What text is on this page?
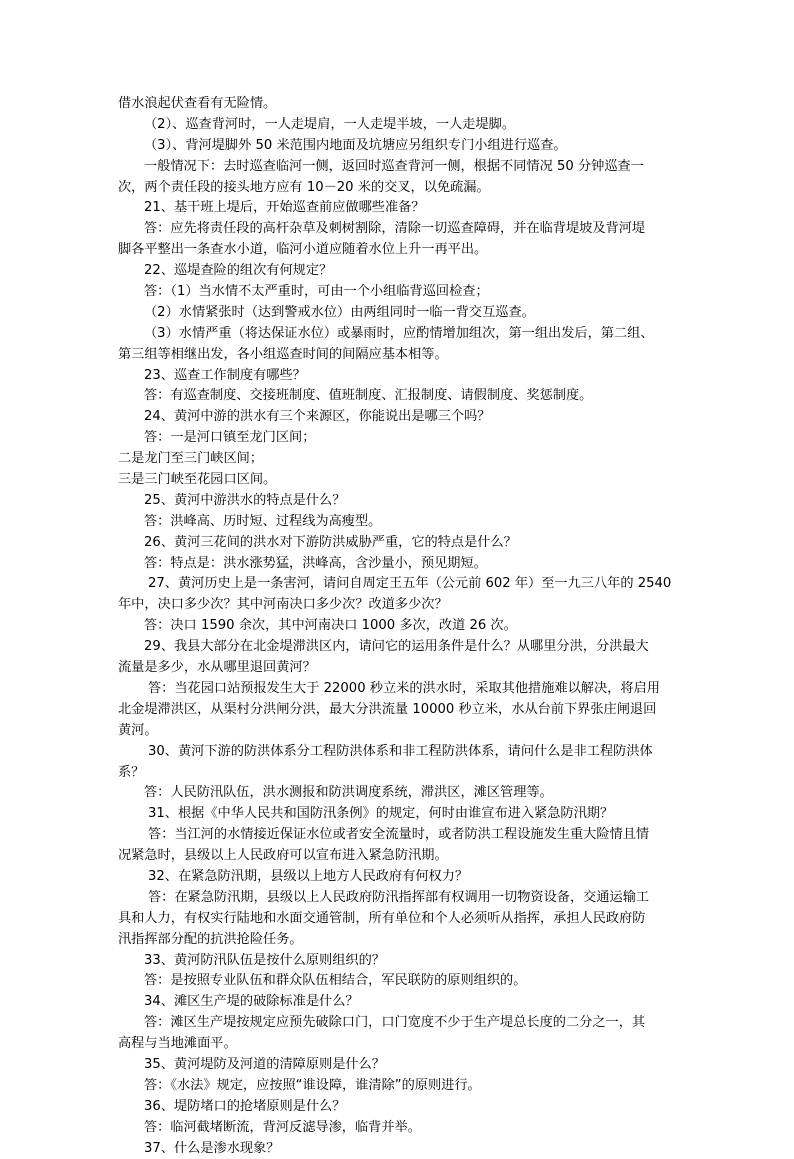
借水浪起伏查看有无险情。
（2）、巡查背河时，一人走堤肩，一人走堤半坡，一人走堤脚。
（3）、背河堤脚外 50 米范围内地面及坑塘应另组织专门小组进行巡查。
一般情况下：去时巡查临河一侧，返回时巡查背河一侧，根据不同情况 50 分钟巡查一
次，两个责任段的接头地方应有 10－20 米的交叉，以免疏漏。
21、基干班上堤后，开始巡查前应做哪些准备？
答：应先将责任段的高杆杂草及刺树割除，清除一切巡查障碍，并在临背堤坡及背河堤
脚各平整出一条查水小道，临河小道应随着水位上升一再平出。
22、巡堤查险的组次有何规定？
答：（1）当水情不太严重时，可由一个小组临背巡回检查；
（2）水情紧张时（达到警戒水位）由两组同时一临一背交互巡查。
（3）水情严重（将达保证水位）或暴雨时，应酌情增加组次，第一组出发后，第二组、
第三组等相继出发，各小组巡查时间的间隔应基本相等。
23、巡查工作制度有哪些？
答：有巡查制度、交接班制度、值班制度、汇报制度、请假制度、奖惩制度。
24、黄河中游的洪水有三个来源区，你能说出是哪三个吗？
答：一是河口镇至龙门区间；
二是龙门至三门峡区间；
三是三门峡至花园口区间。
25、黄河中游洪水的特点是什么？
答：洪峰高、历时短、过程线为高瘦型。
26、黄河三花间的洪水对下游防洪威胁严重，它的特点是什么？
答：特点是：洪水涨势猛，洪峰高，含沙量小，预见期短。
27、黄河历史上是一条害河，请问自周定王五年（公元前 602 年）至一九三八年的 2540
年中，决口多少次？其中河南决口多少次？改道多少次？
答：决口 1590 余次，其中河南决口 1000 多次，改道 26 次。
29、我县大部分在北金堤滞洪区内，请问它的运用条件是什么？从哪里分洪，分洪最大
流量是多少，水从哪里退回黄河？
答：当花园口站预报发生大于 22000 秒立米的洪水时，采取其他措施难以解决，将启用
北金堤滞洪区，从渠村分洪闸分洪，最大分洪流量 10000 秒立米，水从台前下界张庄闸退回
黄河。
30、黄河下游的防洪体系分工程防洪体系和非工程防洪体系，请问什么是非工程防洪体
系？
答：人民防汛队伍，洪水测报和防洪调度系统，滞洪区，滩区管理等。
31、根据《中华人民共和国防汛条例》的规定，何时由谁宣布进入紧急防汛期？
答：当江河的水情接近保证水位或者安全流量时，或者防洪工程设施发生重大险情且情
况紧急时，县级以上人民政府可以宣布进入紧急防汛期。
32、在紧急防汛期，县级以上地方人民政府有何权力？
答：在紧急防汛期，县级以上人民政府防汛指挥部有权调用一切物资设备，交通运输工
具和人力，有权实行陆地和水面交通管制，所有单位和个人必须听从指挥，承担人民政府防
汛指挥部分配的抗洪抢险任务。
33、黄河防汛队伍是按什么原则组织的？
答：是按照专业队伍和群众队伍相结合，军民联防的原则组织的。
34、滩区生产堤的破除标准是什么？
答：滩区生产堤按规定应预先破除口门，口门宽度不少于生产堤总长度的二分之一，其
高程与当地滩面平。
35、黄河堤防及河道的清障原则是什么？
答：《水法》规定，应按照“谁设障，谁清除”的原则进行。
36、堤防堵口的抢堵原则是什么？
答：临河截堵断流，背河反滤导渗，临背并举。
37、什么是渗水现象？
